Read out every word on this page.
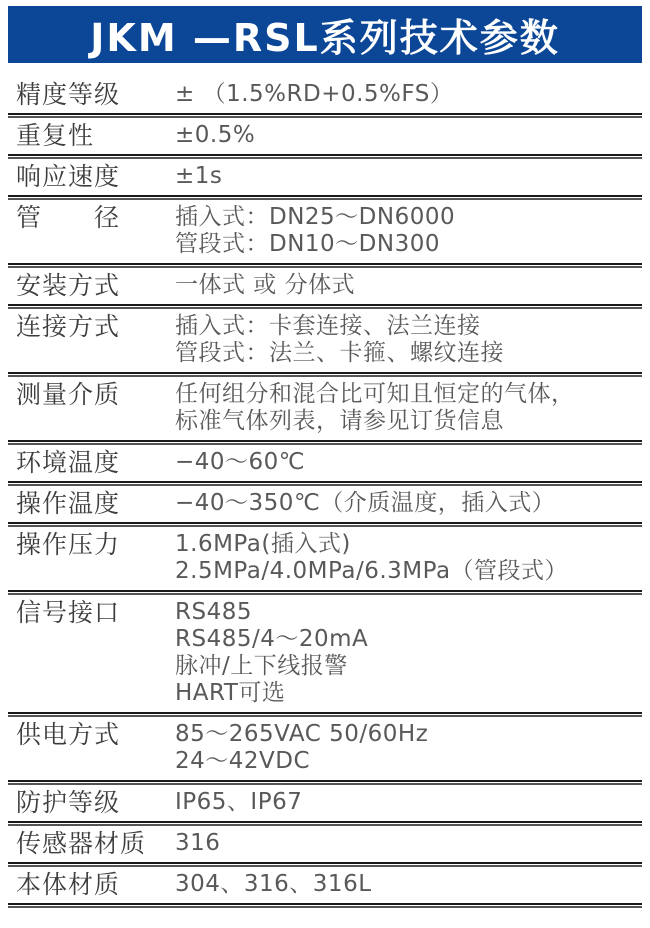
JKM —RSL系列技术参数
精度等级	± （1.5%RD+0.5%FS）
重复性	±0.5%
响应速度	±1s
管　　径	插入式：DN25～DN6000
管段式：DN10～DN300
安装方式	一体式 或 分体式
连接方式	插入式：卡套连接、法兰连接
管段式：法兰、卡箍、螺纹连接
测量介质	任何组分和混合比可知且恒定的气体，
标准气体列表，请参见订货信息
环境温度	−40～60℃
操作温度	−40～350℃（介质温度，插入式）
操作压力	1.6MPa(插入式)
2.5MPa/4.0MPa/6.3MPa（管段式）
信号接口	RS485
RS485/4～20mA
脉冲/上下线报警
HART可选
供电方式	85～265VAC 50/60Hz
24～42VDC
防护等级	IP65、IP67
传感器材质	316
本体材质	304、316、316L
